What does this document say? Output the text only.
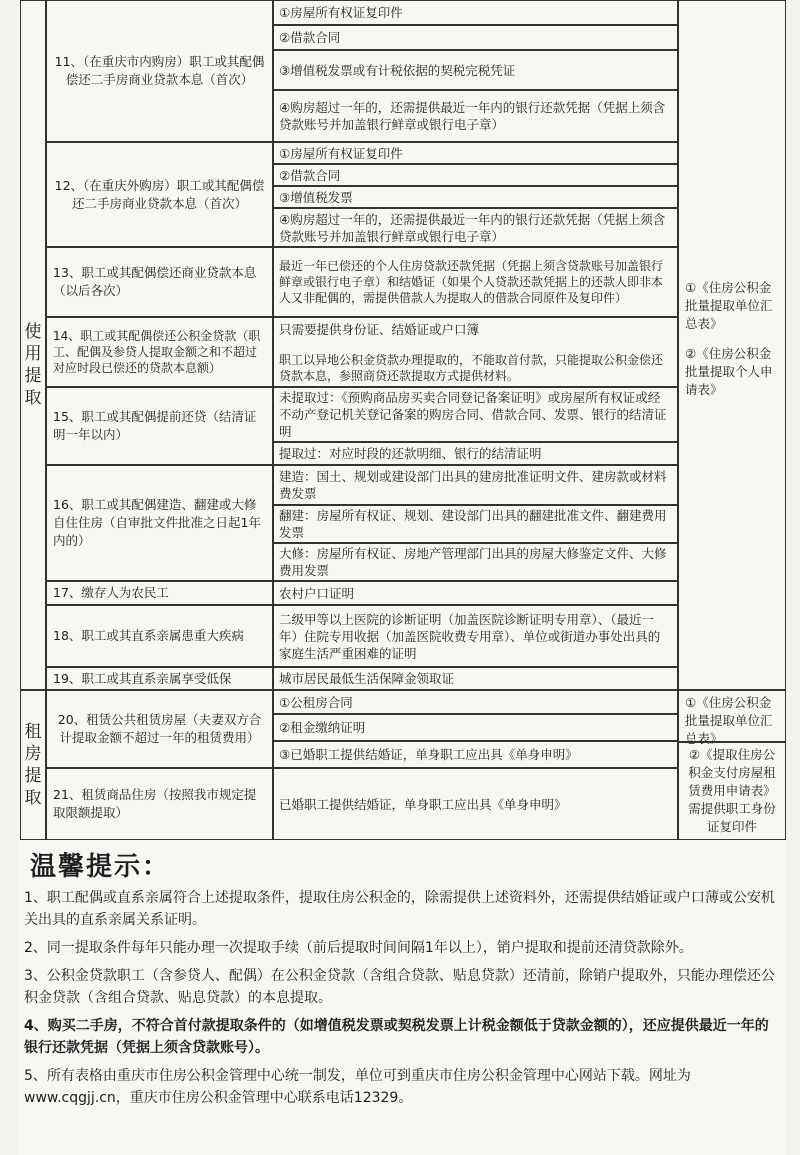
使用提取
租房提取
11、（在重庆市内购房）职工或其配偶偿还二手房商业贷款本息（首次）
12、（在重庆外购房）职工或其配偶偿还二手房商业贷款本息（首次）
13、职工或其配偶偿还商业贷款本息（以后各次）
14、职工或其配偶偿还公积金贷款（职工、配偶及参贷人提取金额之和不超过对应时段已偿还的贷款本息额）
15、职工或其配偶提前还贷（结清证明一年以内）
16、职工或其配偶建造、翻建或大修自住住房（自审批文件批准之日起1年内的）
17、缴存人为农民工
18、职工或其直系亲属患重大疾病
19、职工或其直系亲属享受低保
20、租赁公共租赁房屋（夫妻双方合计提取金额不超过一年的租赁费用）
21、租赁商品住房（按照我市规定提取限额提取）
①房屋所有权证复印件
②借款合同
③增值税发票或有计税依据的契税完税凭证
④购房超过一年的，还需提供最近一年内的银行还款凭据（凭据上须含贷款账号并加盖银行鲜章或银行电子章）
①房屋所有权证复印件
②借款合同
③增值税发票
④购房超过一年的，还需提供最近一年内的银行还款凭据（凭据上须含贷款账号并加盖银行鲜章或银行电子章）
最近一年已偿还的个人住房贷款还款凭据（凭据上须含贷款账号加盖银行鲜章或银行电子章）和结婚证（如果个人贷款还款凭据上的还款人即非本人又非配偶的，需提供借款人为提取人的借款合同原件及复印件）
只需要提供身份证、结婚证或户口簿
职工以异地公积金贷款办理提取的，不能取首付款，只能提取公积金偿还贷款本息，参照商贷还款提取方式提供材料。
未提取过：《预购商品房买卖合同登记备案证明》或房屋所有权证或经不动产登记机关登记备案的购房合同、借款合同、发票、银行的结清证明
提取过：对应时段的还款明细、银行的结清证明
建造：国土、规划或建设部门出具的建房批准证明文件、建房款或材料费发票
翻建：房屋所有权证、规划、建设部门出具的翻建批准文件、翻建费用发票
大修：房屋所有权证、房地产管理部门出具的房屋大修鉴定文件、大修费用发票
农村户口证明
二级甲等以上医院的诊断证明（加盖医院诊断证明专用章）、（最近一年）住院专用收据（加盖医院收费专用章）、单位或街道办事处出具的家庭生活严重困难的证明
城市居民最低生活保障金领取证
①公租房合同
②租金缴纳证明
③已婚职工提供结婚证，单身职工应出具《单身申明》
已婚职工提供结婚证，单身职工应出具《单身申明》
①《住房公积金批量提取单位汇总表》
②《住房公积金批量提取个人申请表》
①《住房公积金批量提取单位汇总表》
②《提取住房公积金支付房屋租赁费用申请表》需提供职工身份证复印件
温馨提示：
1、职工配偶或直系亲属符合上述提取条件，提取住房公积金的，除需提供上述资料外，还需提供结婚证或户口薄或公安机关出具的直系亲属关系证明。
2、同一提取条件每年只能办理一次提取手续（前后提取时间间隔1年以上），销户提取和提前还清贷款除外。
3、公积金贷款职工（含参贷人、配偶）在公积金贷款（含组合贷款、贴息贷款）还清前，除销户提取外，只能办理偿还公积金贷款（含组合贷款、贴息贷款）的本息提取。
4、购买二手房，不符合首付款提取条件的（如增值税发票或契税发票上计税金额低于贷款金额的），还应提供最近一年的银行还款凭据（凭据上须含贷款账号）。
5、所有表格由重庆市住房公积金管理中心统一制发，单位可到重庆市住房公积金管理中心网站下载。网址为www.cqgjj.cn，重庆市住房公积金管理中心联系电话12329。
